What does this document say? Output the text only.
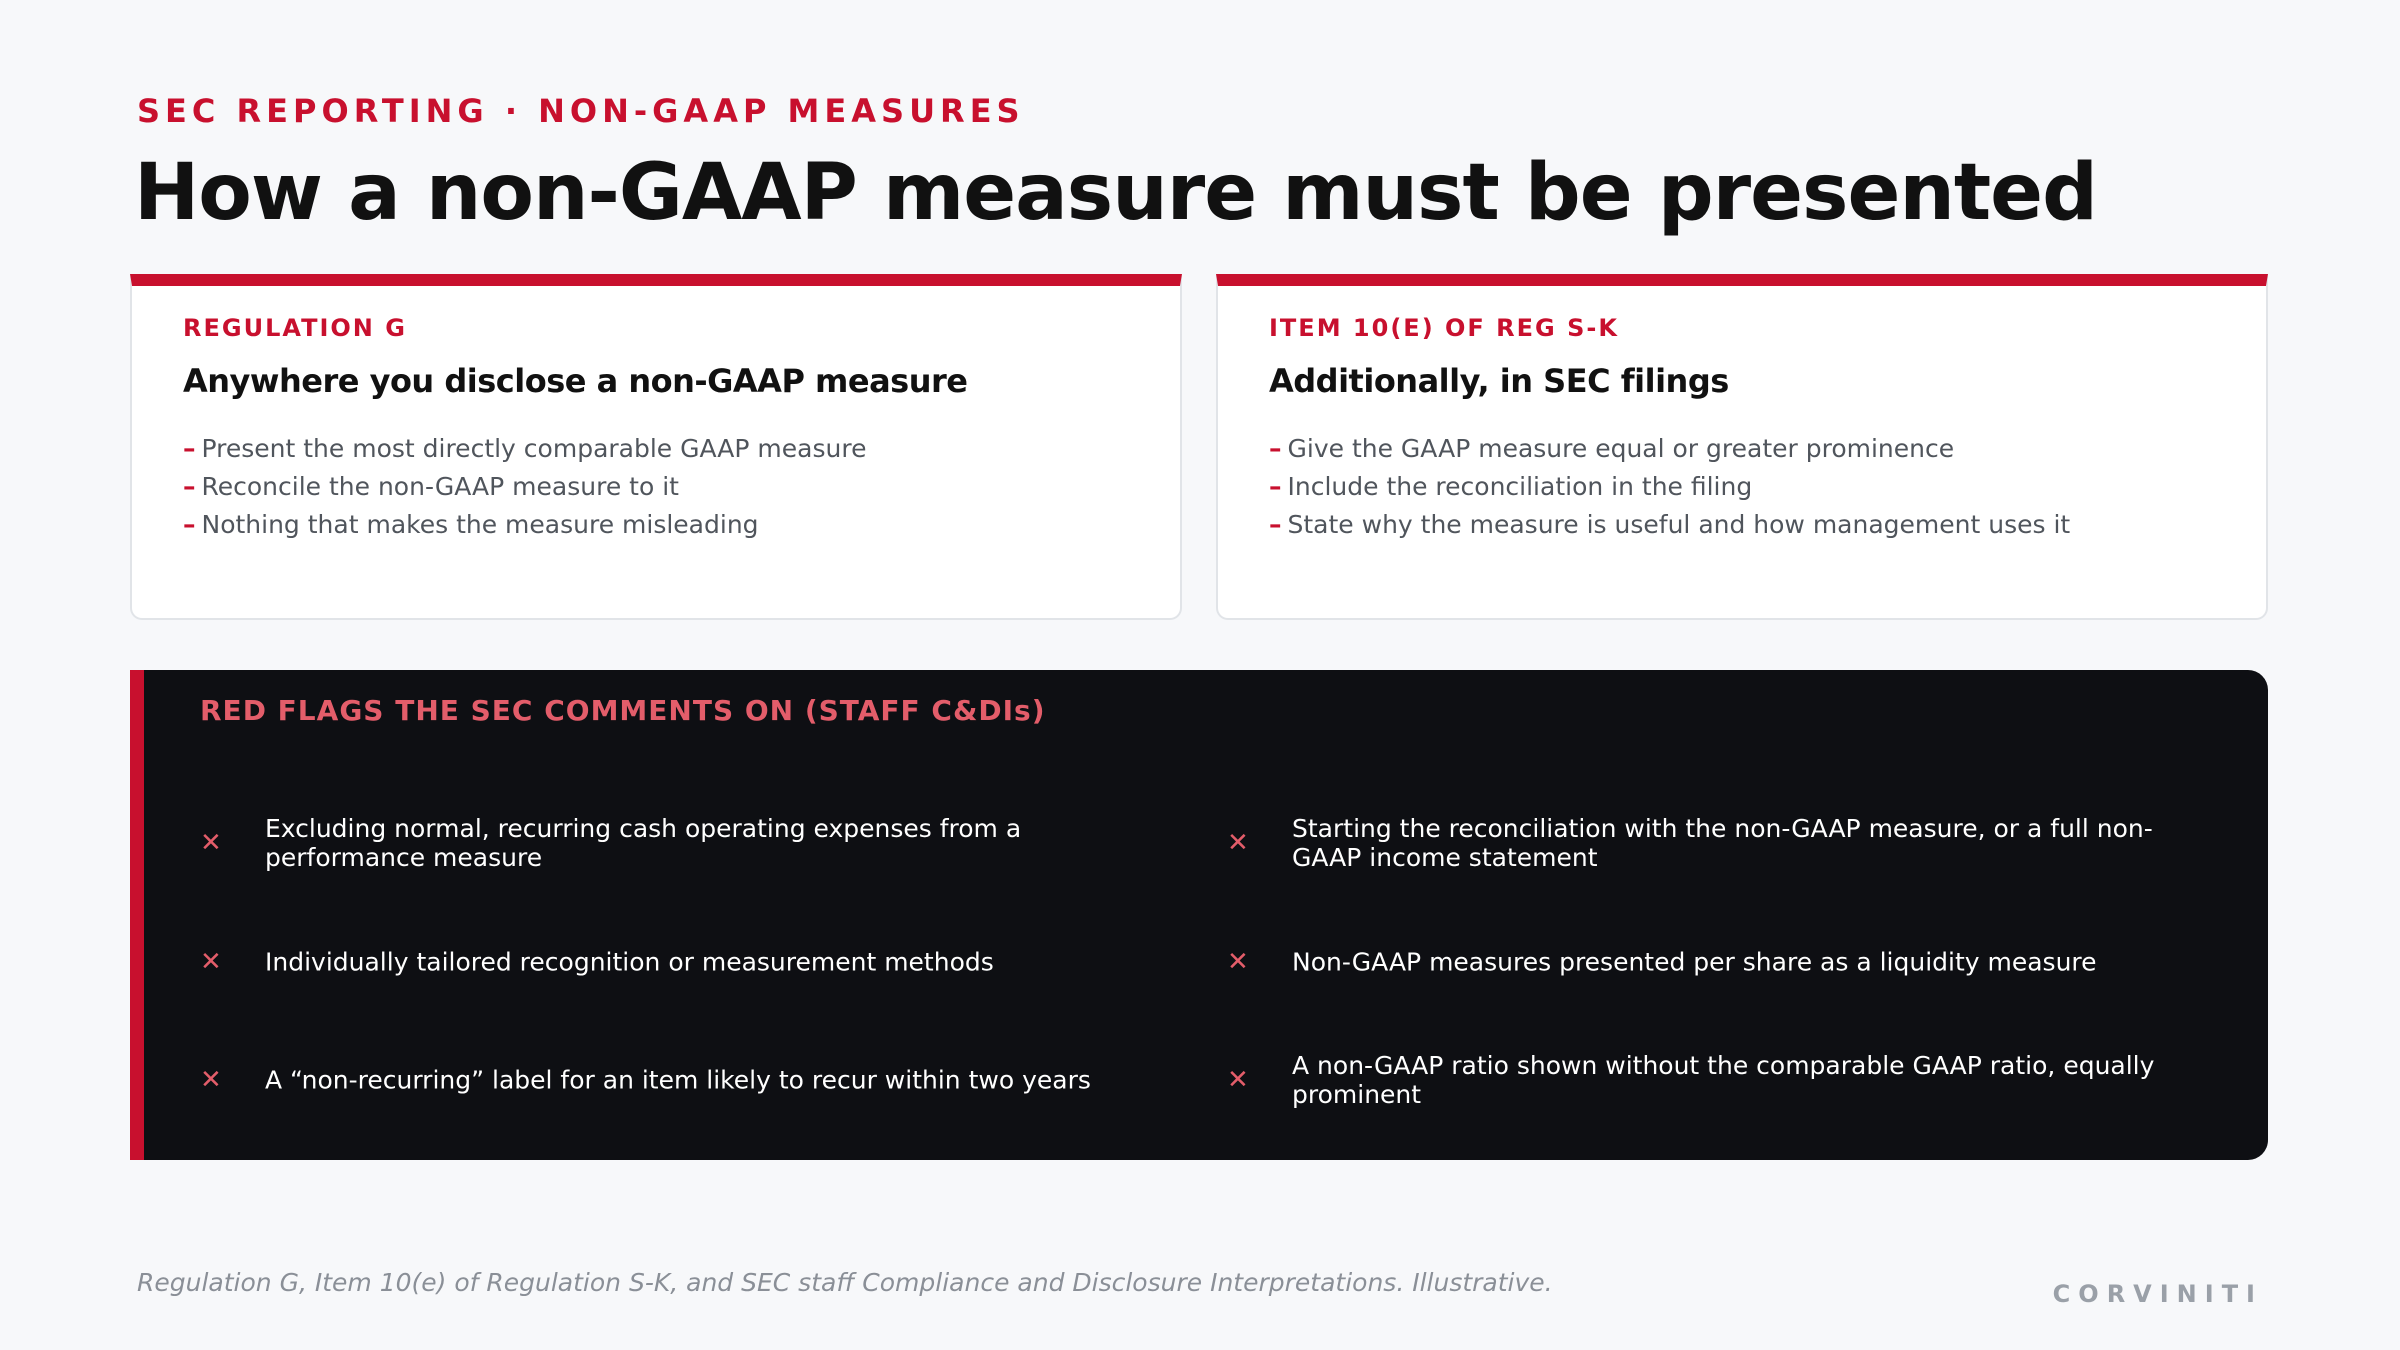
SEC REPORTING · NON-GAAP MEASURES
How a non-GAAP measure must be presented
REGULATION G
Anywhere you disclose a non-GAAP measure
– Present the most directly comparable GAAP measure
– Reconcile the non-GAAP measure to it
– Nothing that makes the measure misleading
ITEM 10(E) OF REG S-K
Additionally, in SEC filings
– Give the GAAP measure equal or greater prominence
– Include the reconciliation in the filing
– State why the measure is useful and how management uses it
RED FLAGS THE SEC COMMENTS ON (STAFF C&DIs)
✕ Excluding normal, recurring cash operating expenses from a performance measure	✕ Starting the reconciliation with the non-GAAP measure, or a full non-GAAP income statement
✕ Individually tailored recognition or measurement methods	✕ Non-GAAP measures presented per share as a liquidity measure
✕ A “non-recurring” label for an item likely to recur within two years	✕ A non-GAAP ratio shown without the comparable GAAP ratio, equally prominent
Regulation G, Item 10(e) of Regulation S-K, and SEC staff Compliance and Disclosure Interpretations. Illustrative.	CORVINITI
